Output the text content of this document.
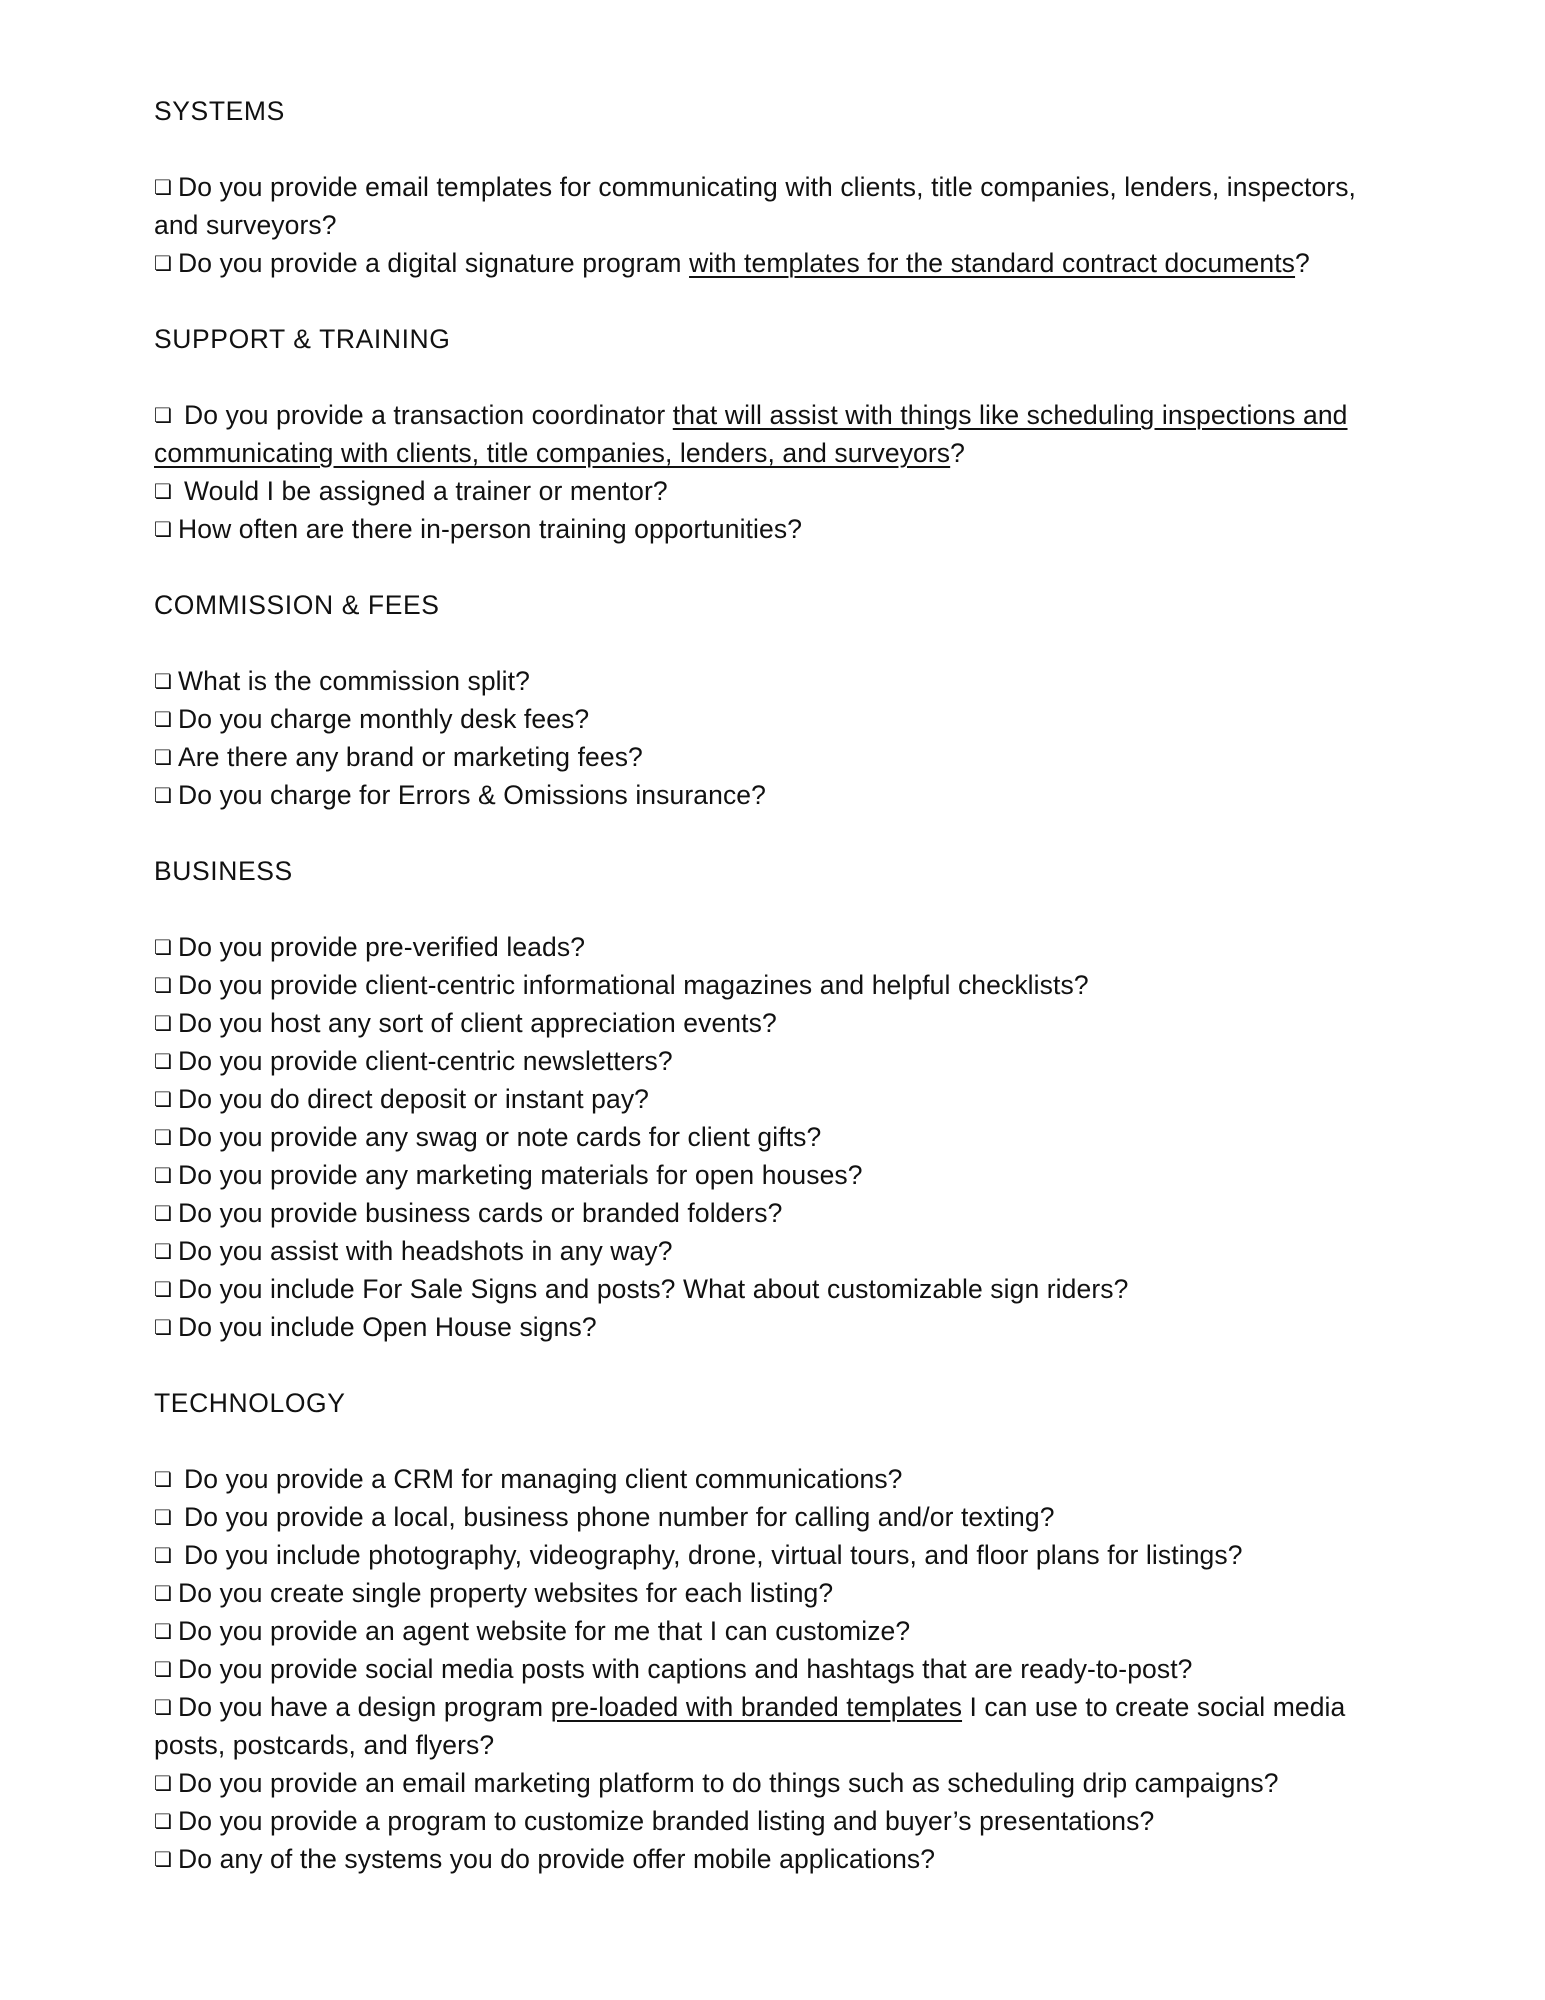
SYSTEMS

❏ Do you provide email templates for communicating with clients, title companies, lenders, inspectors, and surveyors?

❏ Do you provide a digital signature program with templates for the standard contract documents?

SUPPORT & TRAINING

❏ Do you provide a transaction coordinator that will assist with things like scheduling inspections and communicating with clients, title companies, lenders, and surveyors?

❏ Would I be assigned a trainer or mentor?

❏ How often are there in-person training opportunities?

COMMISSION & FEES

❏ What is the commission split?

❏ Do you charge monthly desk fees?

❏ Are there any brand or marketing fees?

❏ Do you charge for Errors & Omissions insurance?

BUSINESS

❏ Do you provide pre-verified leads?

❏ Do you provide client-centric informational magazines and helpful checklists?

❏ Do you host any sort of client appreciation events?

❏ Do you provide client-centric newsletters?

❏ Do you do direct deposit or instant pay?

❏ Do you provide any swag or note cards for client gifts?

❏ Do you provide any marketing materials for open houses?

❏ Do you provide business cards or branded folders?

❏ Do you assist with headshots in any way?

❏ Do you include For Sale Signs and posts? What about customizable sign riders?

❏ Do you include Open House signs?

TECHNOLOGY

❏ Do you provide a CRM for managing client communications?

❏ Do you provide a local, business phone number for calling and/or texting?

❏ Do you include photography, videography, drone, virtual tours, and floor plans for listings?

❏ Do you create single property websites for each listing?

❏ Do you provide an agent website for me that I can customize?

❏ Do you provide social media posts with captions and hashtags that are ready-to-post?

❏ Do you have a design program pre-loaded with branded templates I can use to create social media posts, postcards, and flyers?

❏ Do you provide an email marketing platform to do things such as scheduling drip campaigns?

❏ Do you provide a program to customize branded listing and buyer’s presentations?

❏ Do any of the systems you do provide offer mobile applications?
